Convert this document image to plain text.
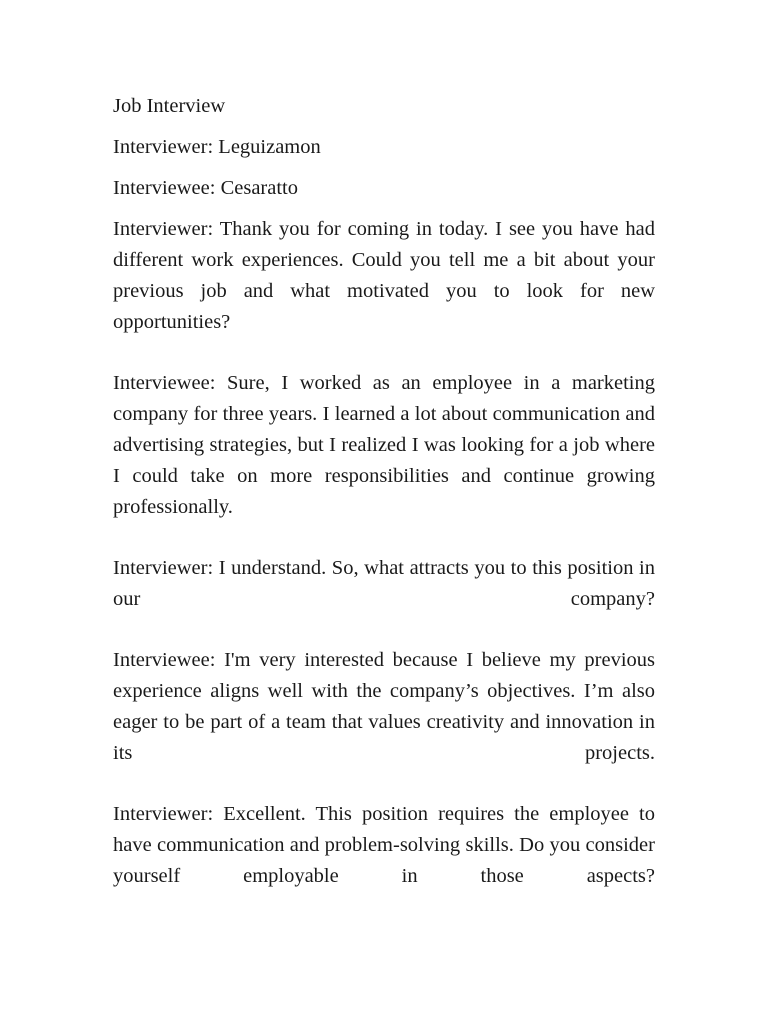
Job Interview

Interviewer: Leguizamon

Interviewee: Cesaratto

Interviewer: Thank you for coming in today. I see you have had different work experiences. Could you tell me a bit about your previous job and what motivated you to look for new opportunities?

Interviewee: Sure, I worked as an employee in a marketing company for three years. I learned a lot about communication and advertising strategies, but I realized I was looking for a job where I could take on more responsibilities and continue growing professionally.

Interviewer: I understand. So, what attracts you to this position in our company?

Interviewee: I'm very interested because I believe my previous experience aligns well with the company’s objectives. I’m also eager to be part of a team that values creativity and innovation in its projects.

Interviewer: Excellent. This position requires the employee to have communication and problem-solving skills. Do you consider yourself employable in those aspects?
